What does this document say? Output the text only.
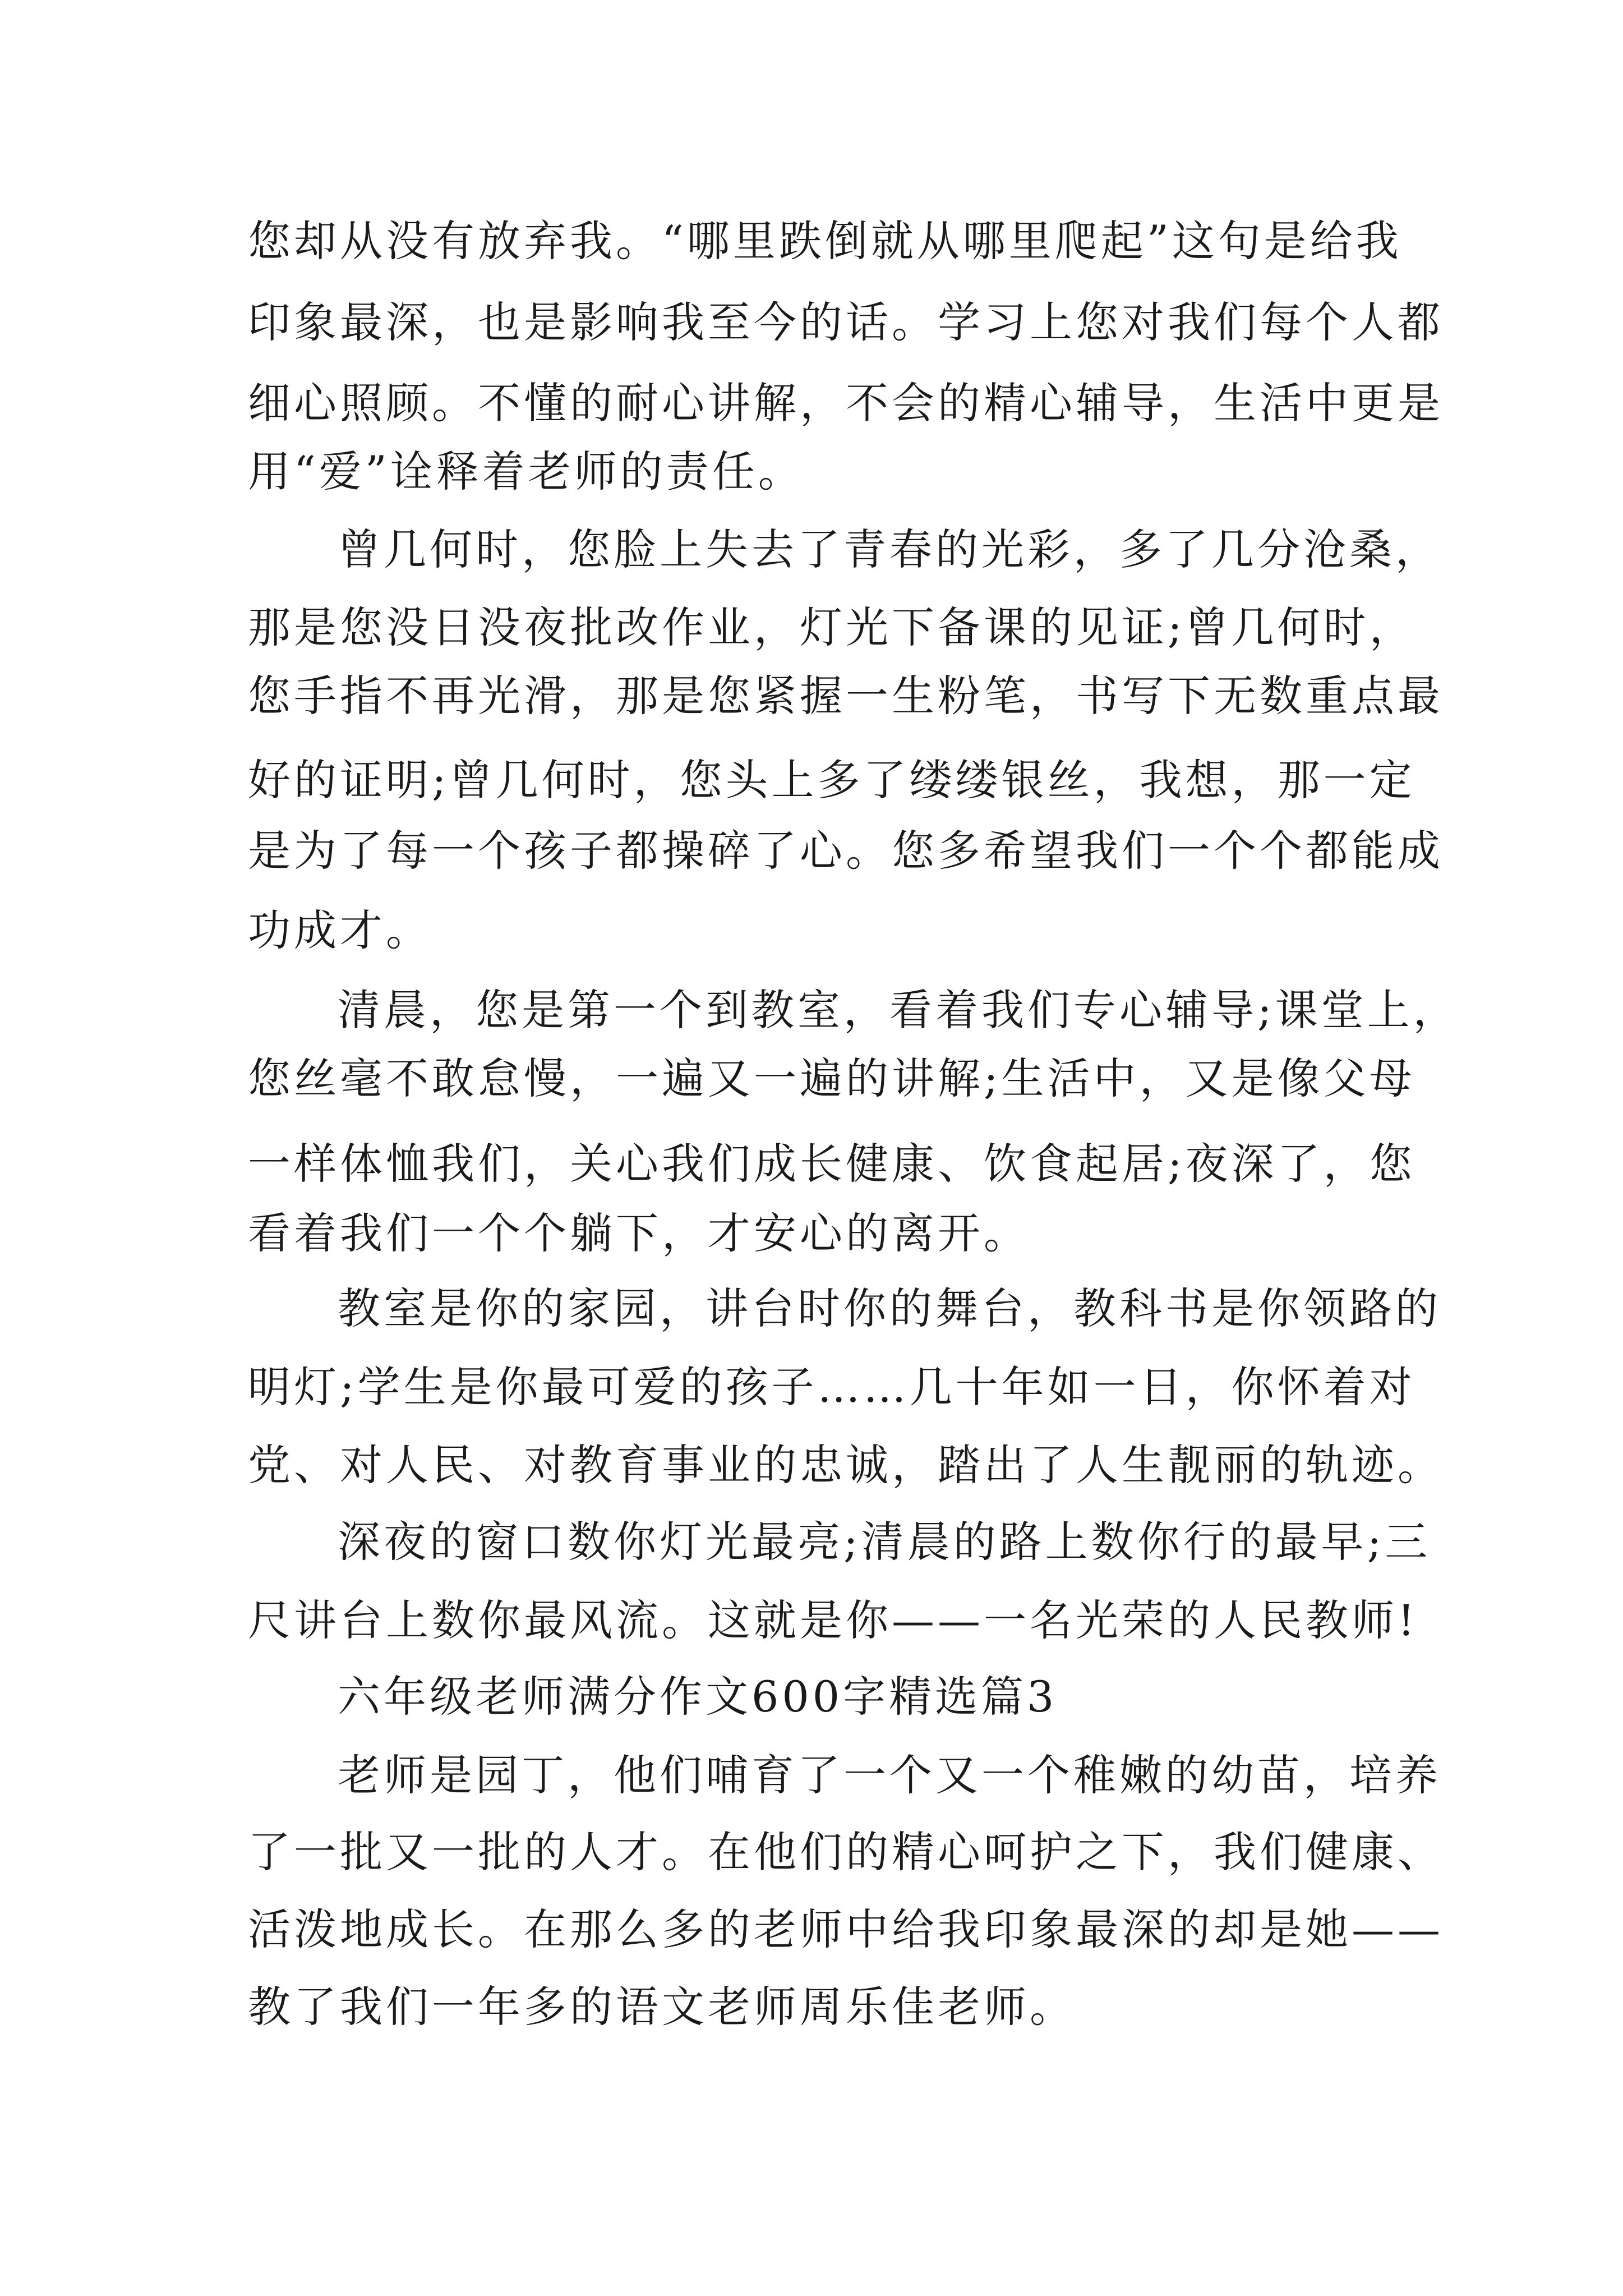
您却从没有放弃我。“哪里跌倒就从哪里爬起”这句是给我

印象最深，也是影响我至今的话。学习上您对我们每个人都

细心照顾。不懂的耐心讲解，不会的精心辅导，生活中更是

用“爱”诠释着老师的责任。

曾几何时，您脸上失去了青春的光彩，多了几分沧桑，

那是您没日没夜批改作业，灯光下备课的见证;曾几何时，

您手指不再光滑，那是您紧握一生粉笔，书写下无数重点最

好的证明;曾几何时，您头上多了缕缕银丝，我想，那一定

是为了每一个孩子都操碎了心。您多希望我们一个个都能成

功成才。

清晨，您是第一个到教室，看着我们专心辅导;课堂上，

您丝毫不敢怠慢，一遍又一遍的讲解;生活中，又是像父母

一样体恤我们，关心我们成长健康、饮食起居;夜深了，您

看着我们一个个躺下，才安心的离开。

教室是你的家园，讲台时你的舞台，教科书是你领路的

明灯;学生是你最可爱的孩子……几十年如一日，你怀着对

党、对人民、对教育事业的忠诚，踏出了人生靓丽的轨迹。

深夜的窗口数你灯光最亮;清晨的路上数你行的最早;三

尺讲台上数你最风流。这就是你——一名光荣的人民教师!

六年级老师满分作文600字精选篇3

老师是园丁，他们哺育了一个又一个稚嫩的幼苗，培养

了一批又一批的人才。在他们的精心呵护之下，我们健康、

活泼地成长。在那么多的老师中给我印象最深的却是她——

教了我们一年多的语文老师周乐佳老师。
